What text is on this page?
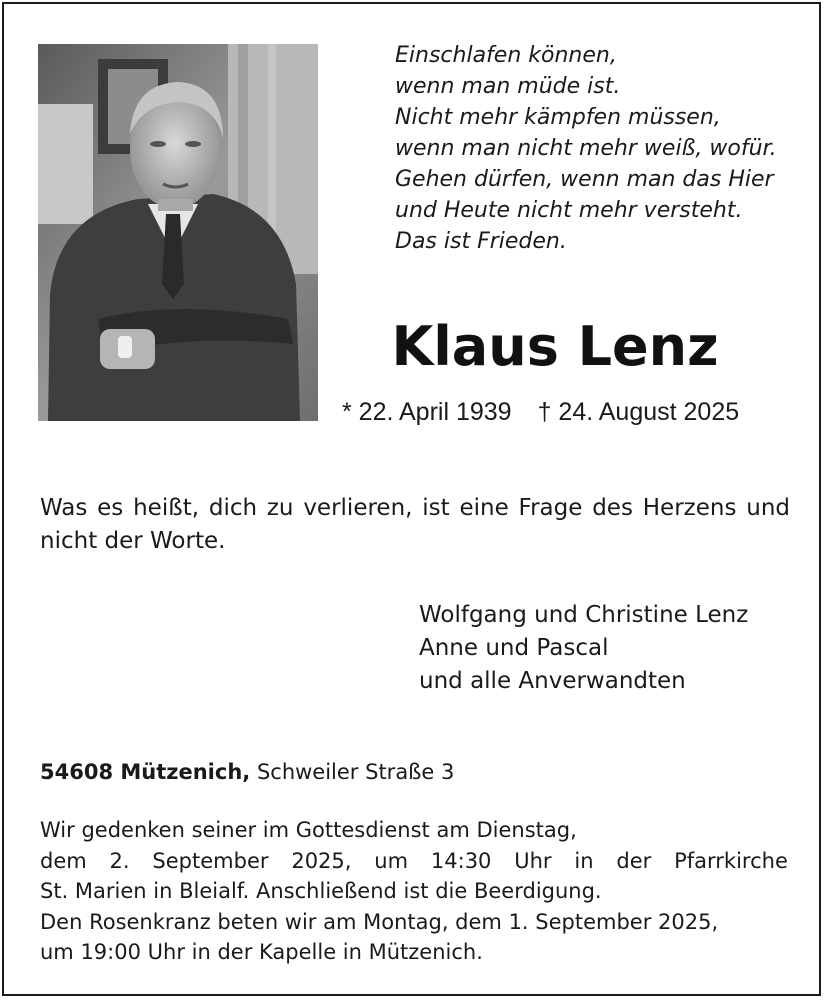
Einschlafen können,
wenn man müde ist.
Nicht mehr kämpfen müssen,
wenn man nicht mehr weiß, wofür.
Gehen dürfen, wenn man das Hier
und Heute nicht mehr versteht.
Das ist Frieden.
Klaus Lenz
* 22. April 1939 † 24. August 2025
Was es heißt, dich zu verlieren, ist eine Frage des Herzens und nicht der Worte.
Wolfgang und Christine Lenz
Anne und Pascal
und alle Anverwandten
54608 Mützenich, Schweiler Straße 3
Wir gedenken seiner im Gottesdienst am Dienstag,
dem 2. September 2025, um 14:30 Uhr in der Pfarrkirche
St. Marien in Bleialf. Anschließend ist die Beerdigung.
Den Rosenkranz beten wir am Montag, dem 1. September 2025,
um 19:00 Uhr in der Kapelle in Mützenich.
